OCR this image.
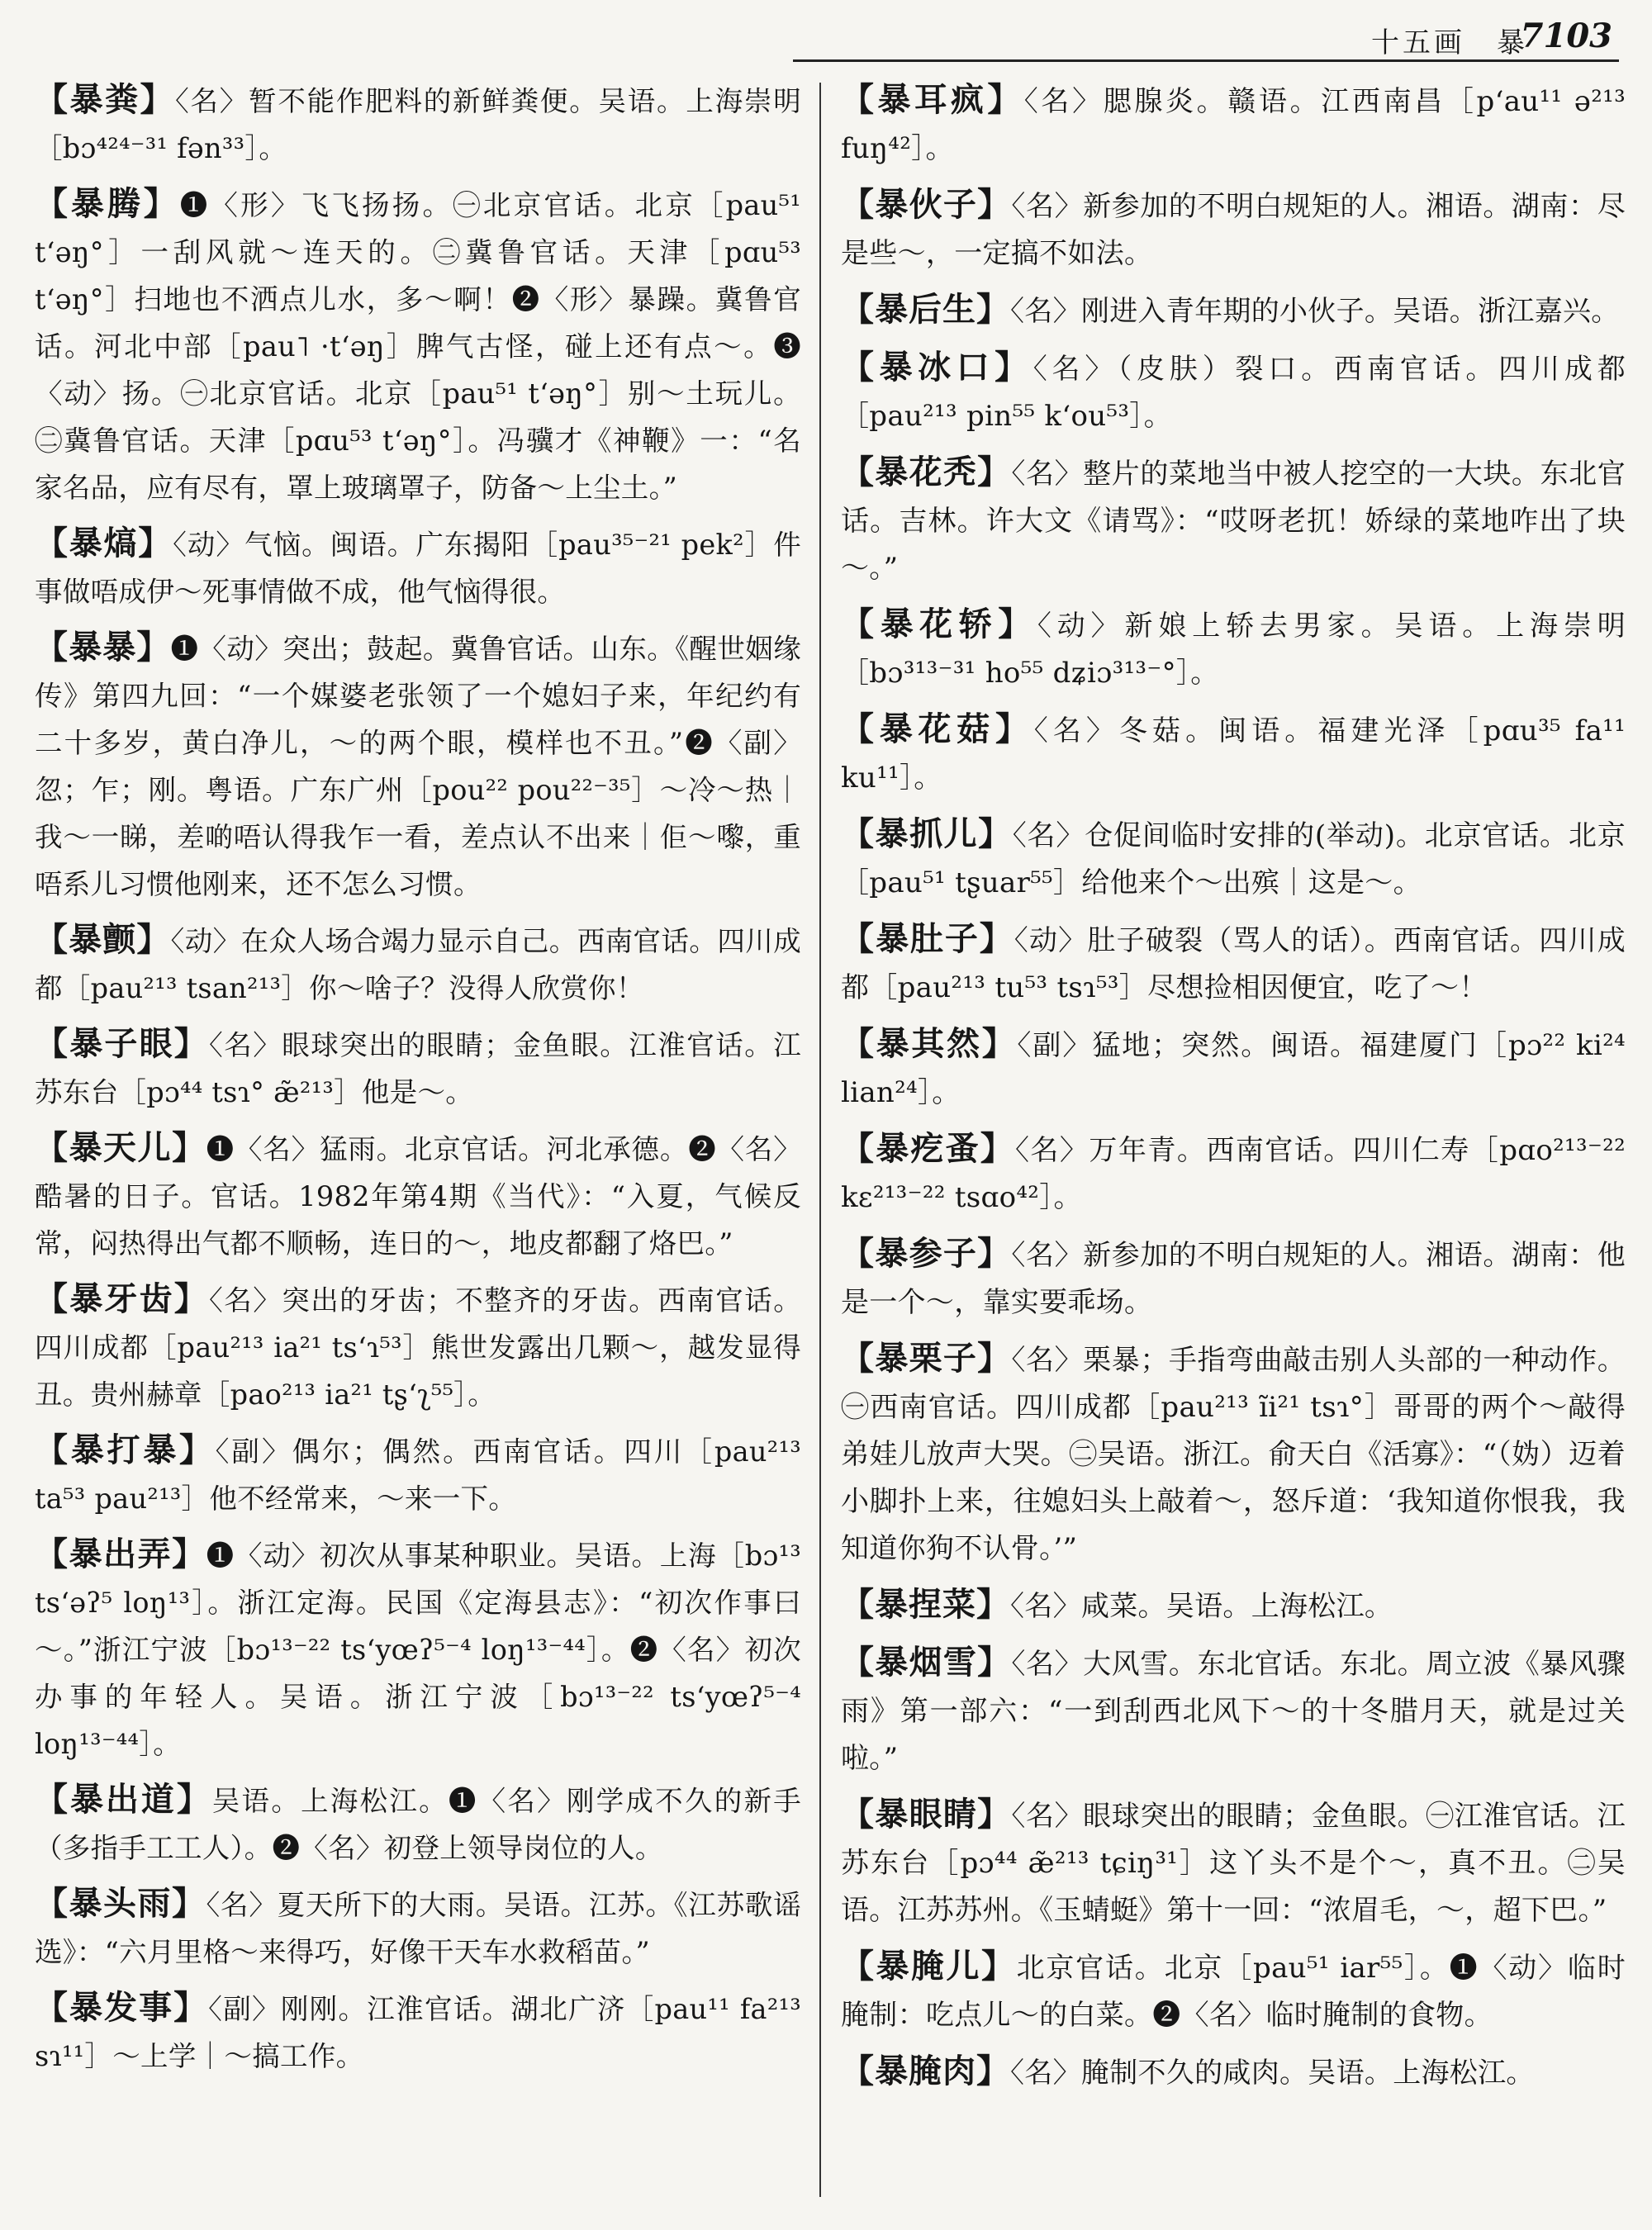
十五画　暴
7103
【暴粪】〈名〉暂不能作肥料的新鲜粪便。吴语。上海崇明［bɔ⁴²⁴⁻³¹ fən³³］。
【暴腾】❶〈形〉飞飞扬扬。㊀北京官话。北京［pau⁵¹ tʻəŋ°］一刮风就～连天的。㊁冀鲁官话。天津［pɑu⁵³ tʻəŋ°］扫地也不洒点儿水，多～啊！❷〈形〉暴躁。冀鲁官话。河北中部［pau˥ ·tʻəŋ］脾气古怪，碰上还有点～。❸〈动〉扬。㊀北京官话。北京［pau⁵¹ tʻəŋ°］别～土玩儿。㊁冀鲁官话。天津［pɑu⁵³ tʻəŋ°］。冯骥才《神鞭》一：“名家名品，应有尽有，罩上玻璃罩子，防备～上尘土。”
【暴熇】〈动〉气恼。闽语。广东揭阳［pau³⁵⁻²¹ pek²］件事做唔成伊～死事情做不成，他气恼得很。
【暴暴】❶〈动〉突出；鼓起。冀鲁官话。山东。《醒世姻缘传》第四九回：“一个媒婆老张领了一个媳妇子来，年纪约有二十多岁，黄白净儿，～的两个眼，模样也不丑。”❷〈副〉忽；乍；刚。粤语。广东广州［pou²² pou²²⁻³⁵］～冷～热｜我～一睇，差啲唔认得我乍一看，差点认不出来｜佢～嚟，重唔系儿习惯他刚来，还不怎么习惯。
【暴颤】〈动〉在众人场合竭力显示自己。西南官话。四川成都［pau²¹³ tsan²¹³］你～啥子？没得人欣赏你！
【暴子眼】〈名〉眼球突出的眼睛；金鱼眼。江淮官话。江苏东台［pɔ⁴⁴ tsɿ° æ̃²¹³］他是～。
【暴天儿】❶〈名〉猛雨。北京官话。河北承德。❷〈名〉酷暑的日子。官话。1982年第4期《当代》：“入夏，气候反常，闷热得出气都不顺畅，连日的～，地皮都翻了烙巴。”
【暴牙齿】〈名〉突出的牙齿；不整齐的牙齿。西南官话。四川成都［pau²¹³ ia²¹ tsʻɿ⁵³］熊世发露出几颗～，越发显得丑。贵州赫章［pao²¹³ ia²¹ tʂʻʅ⁵⁵］。
【暴打暴】〈副〉偶尔；偶然。西南官话。四川［pau²¹³ ta⁵³ pau²¹³］他不经常来，～来一下。
【暴出弄】❶〈动〉初次从事某种职业。吴语。上海［bɔ¹³ tsʻəʔ⁵ loŋ¹³］。浙江定海。民国《定海县志》：“初次作事曰～。”浙江宁波［bɔ¹³⁻²² tsʻyœʔ⁵⁻⁴ loŋ¹³⁻⁴⁴］。❷〈名〉初次办事的年轻人。吴语。浙江宁波［bɔ¹³⁻²² tsʻyœʔ⁵⁻⁴ loŋ¹³⁻⁴⁴］。
【暴出道】吴语。上海松江。❶〈名〉刚学成不久的新手（多指手工工人）。❷〈名〉初登上领导岗位的人。
【暴头雨】〈名〉夏天所下的大雨。吴语。江苏。《江苏歌谣选》：“六月里格～来得巧，好像干天车水救稻苗。”
【暴发事】〈副〉刚刚。江淮官话。湖北广济［pau¹¹ fa²¹³ sɿ¹¹］～上学｜～搞工作。
【暴耳疯】〈名〉腮腺炎。赣语。江西南昌［pʻau¹¹ ə²¹³ fuŋ⁴²］。
【暴伙子】〈名〉新参加的不明白规矩的人。湘语。湖南：尽是些～，一定搞不如法。
【暴后生】〈名〉刚进入青年期的小伙子。吴语。浙江嘉兴。
【暴冰口】〈名〉（皮肤）裂口。西南官话。四川成都［pau²¹³ pin⁵⁵ kʻou⁵³］。
【暴花秃】〈名〉整片的菜地当中被人挖空的一大块。东北官话。吉林。许大文《请骂》：“哎呀老扤！娇绿的菜地咋出了块～。”
【暴花轿】〈动〉新娘上轿去男家。吴语。上海崇明［bɔ³¹³⁻³¹ ho⁵⁵ dʑiɔ³¹³⁻°］。
【暴花菇】〈名〉冬菇。闽语。福建光泽［pɑu³⁵ fa¹¹ ku¹¹］。
【暴抓儿】〈名〉仓促间临时安排的(举动)。北京官话。北京［pau⁵¹ tʂuar⁵⁵］给他来个～出殡｜这是～。
【暴肚子】〈动〉肚子破裂（骂人的话）。西南官话。四川成都［pau²¹³ tu⁵³ tsɿ⁵³］尽想捡相因便宜，吃了～！
【暴其然】〈副〉猛地；突然。闽语。福建厦门［pɔ²² ki²⁴ lian²⁴］。
【暴疙蚤】〈名〉万年青。西南官话。四川仁寿［pɑo²¹³⁻²² kɛ²¹³⁻²² tsɑo⁴²］。
【暴参子】〈名〉新参加的不明白规矩的人。湘语。湖南：他是一个～，靠实要乖场。
【暴栗子】〈名〉栗暴；手指弯曲敲击别人头部的一种动作。㊀西南官话。四川成都［pau²¹³ ĩi²¹ tsɿ°］哥哥的两个～敲得弟娃儿放声大哭。㊁吴语。浙江。俞天白《活寡》：“（妫）迈着小脚扑上来，往媳妇头上敲着～，怒斥道：‘我知道你恨我，我知道你狗不认骨。’”
【暴捏菜】〈名〉咸菜。吴语。上海松江。
【暴烟雪】〈名〉大风雪。东北官话。东北。周立波《暴风骤雨》第一部六：“一到刮西北风下～的十冬腊月天，就是过关啦。”
【暴眼睛】〈名〉眼球突出的眼睛；金鱼眼。㊀江淮官话。江苏东台［pɔ⁴⁴ æ̃²¹³ tɕiŋ³¹］这丫头不是个～，真不丑。㊁吴语。江苏苏州。《玉蜻蜓》第十一回：“浓眉毛，～，超下巴。”
【暴腌儿】北京官话。北京［pau⁵¹ iar⁵⁵］。❶〈动〉临时腌制：吃点儿～的白菜。❷〈名〉临时腌制的食物。
【暴腌肉】〈名〉腌制不久的咸肉。吴语。上海松江。
